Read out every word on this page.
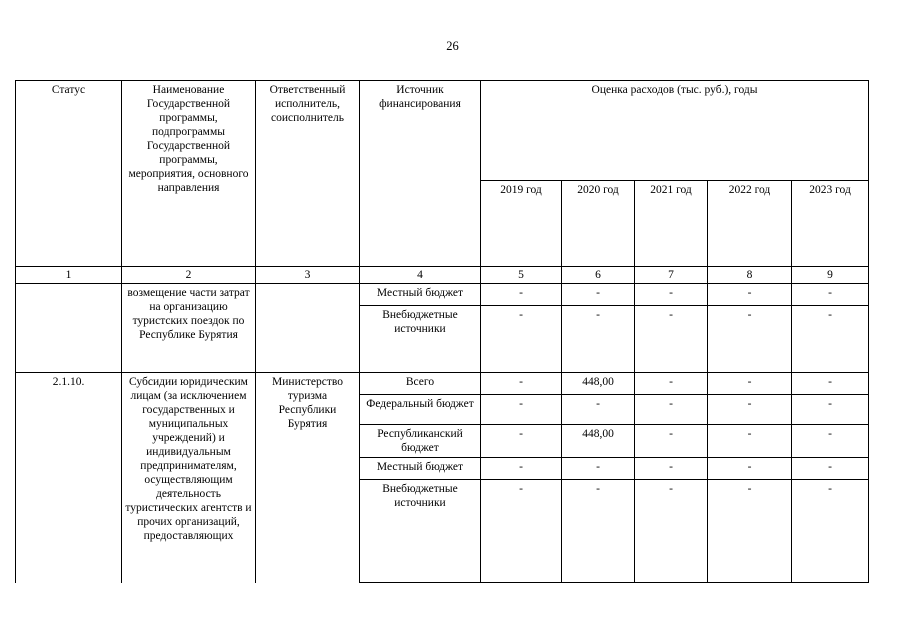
26
Статус	Наименование Государственной программы, подпрограммы Государственной программы, мероприятия, основного направления	Ответственный исполнитель, соисполнитель	Источник финансирования	Оценка расходов (тыс. руб.), годы				
				2019 год	2020 год	2021 год	2022 год	2023 год
1	2	3	4	5	6	7	8	9
	возмещение части затрат на организацию туристских поездок по Республике Бурятия		Местный бюджет	-	-	-	-	-
			Внебюджетные источники	-	-	-	-	-
2.1.10.	Субсидии юридическим лицам (за исключением государственных и муниципальных учреждений) и индивидуальным предпринимателям, осуществляющим деятельность туристических агентств и прочих организаций, предоставляющих	Министерство туризма Республики Бурятия	Всего	-	448,00	-	-	-
			Федеральный бюджет	-	-	-	-	-
			Республиканский бюджет	-	448,00	-	-	-
			Местный бюджет	-	-	-	-	-
			Внебюджетные источники	-	-	-	-	-
